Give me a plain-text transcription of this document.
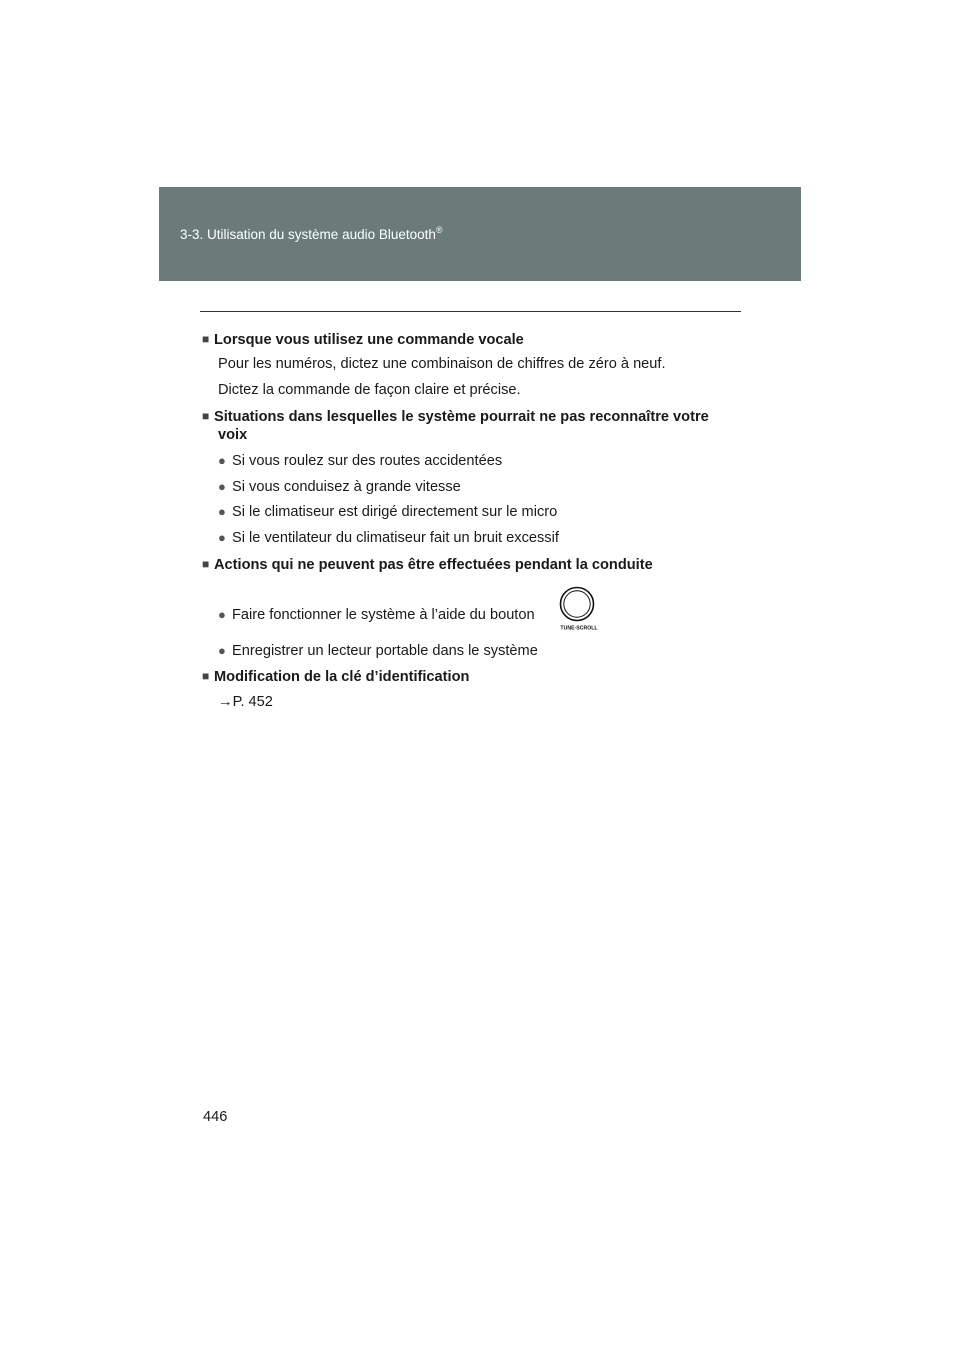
3-3. Utilisation du système audio Bluetooth®
■ Lorsque vous utilisez une commande vocale
Pour les numéros, dictez une combinaison de chiffres de zéro à neuf.
Dictez la commande de façon claire et précise.
■ Situations dans lesquelles le système pourrait ne pas reconnaître votre
voix
● Si vous roulez sur des routes accidentées
● Si vous conduisez à grande vitesse
● Si le climatiseur est dirigé directement sur le micro
● Si le ventilateur du climatiseur fait un bruit excessif
■ Actions qui ne peuvent pas être effectuées pendant la conduite
● Faire fonctionner le système à l’aide du bouton
TUNE·SCROLL
● Enregistrer un lecteur portable dans le système
■ Modification de la clé d’identification
→P. 452
446
